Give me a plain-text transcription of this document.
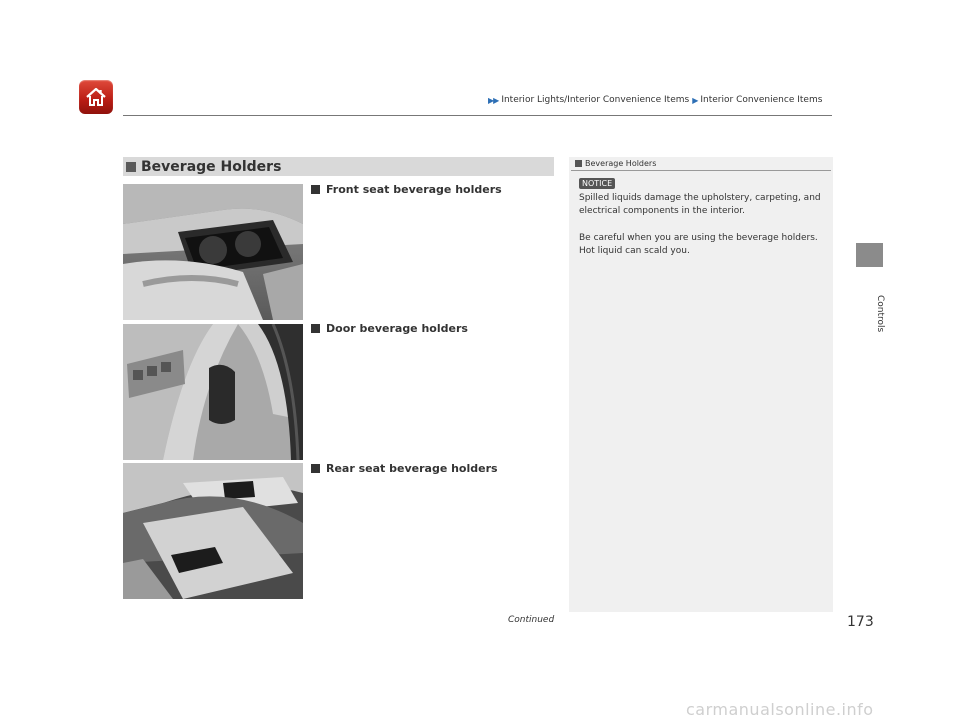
▶▶ Interior Lights/Interior Convenience Items ▶ Interior Convenience Items
Controls
Beverage Holders
Front seat beverage holders
Door beverage holders
Rear seat beverage holders
Beverage Holders
NOTICE
Spilled liquids damage the upholstery, carpeting, and electrical components in the interior.
Be careful when you are using the beverage holders. Hot liquid can scald you.
Continued	173
carmanualsonline.info
